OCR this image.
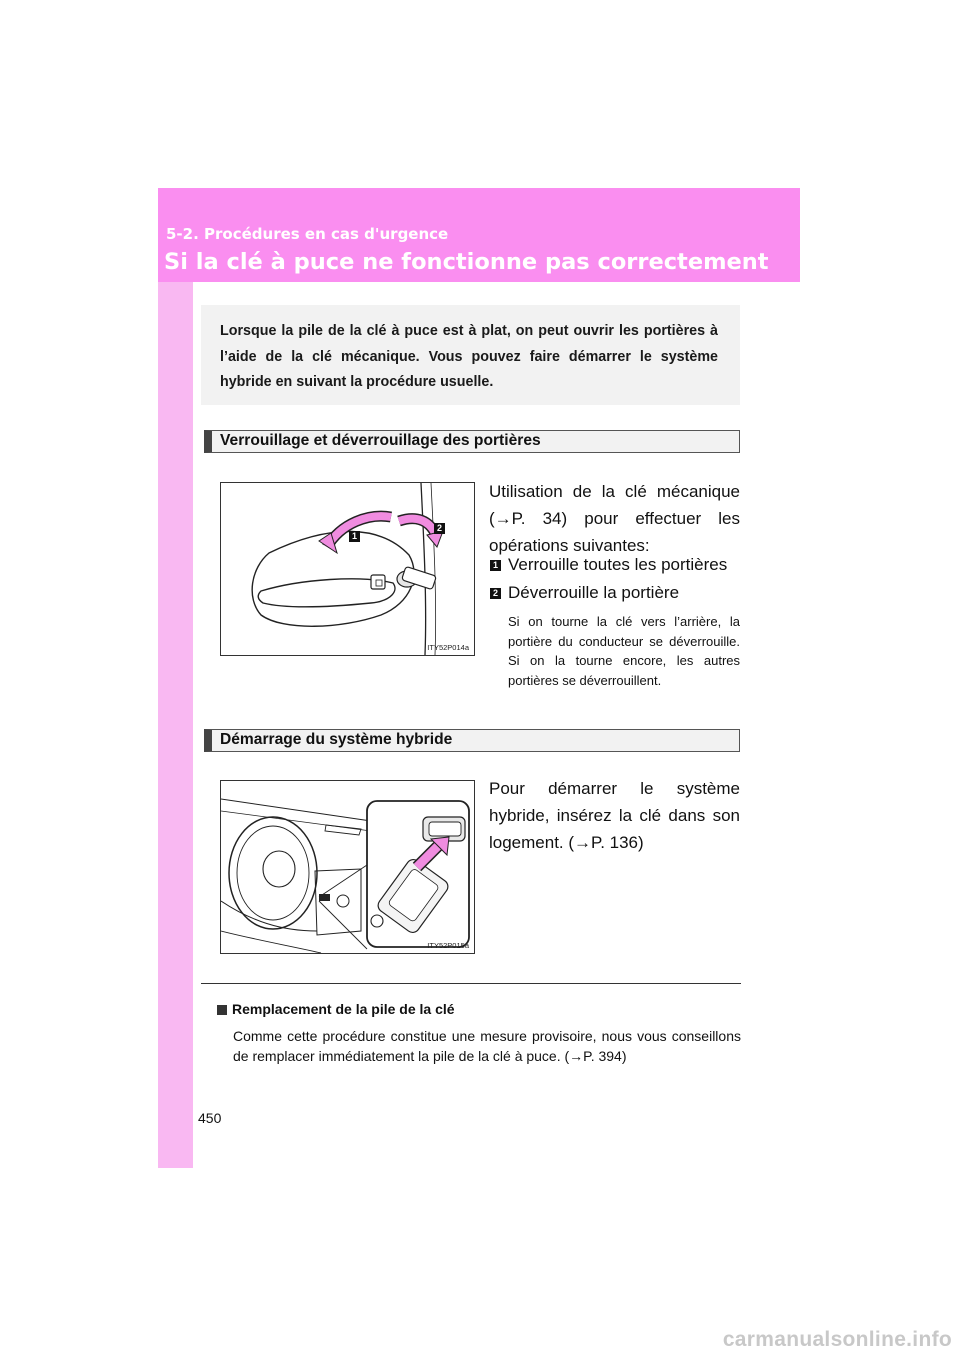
5-2. Procédures en cas d'urgence
Si la clé à puce ne fonctionne pas correctement

Lorsque la pile de la clé à puce est à plat, on peut ouvrir les portières à l’aide de la clé mécanique. Vous pouvez faire démarrer le système hybride en suivant la procédure usuelle.

Verrouillage et déverrouillage des portières
1
2
ITY52P014a

Utilisation de la clé mécanique (→P. 34) pour effectuer les opérations suivantes:

1 Verrouille toutes les portières
2 Déverrouille la portière

Si on tourne la clé vers l’arrière, la portière du conducteur se déverrouille. Si on la tourne encore, les autres portières se déverrouillent.

Démarrage du système hybride
ITY52P015a

Pour démarrer le système hybride, insérez la clé dans son logement. (→P. 136)

Remplacement de la pile de la clé

Comme cette procédure constitue une mesure provisoire, nous vous conseillons de remplacer immédiatement la pile de la clé à puce. (→P. 394)

450
carmanualsonline.info
